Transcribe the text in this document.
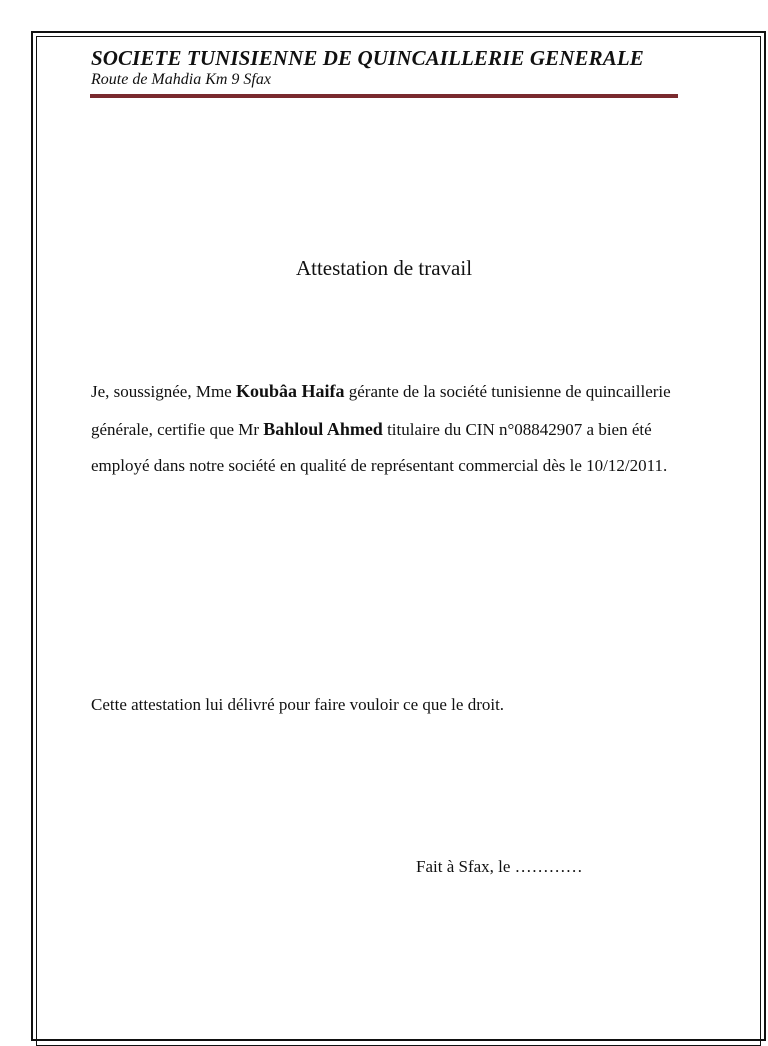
SOCIETE TUNISIENNE DE QUINCAILLERIE GENERALE
Route de Mahdia Km 9 Sfax
Attestation de travail
Je, soussignée, Mme Koubâa Haifa gérante de la société tunisienne de quincaillerie générale, certifie que Mr Bahloul Ahmed titulaire du CIN n°08842907 a bien été employé dans notre société en qualité de représentant commercial dès le 10/12/2011.
Cette attestation lui délivré pour faire vouloir ce que le droit.
Fait à Sfax, le …………
